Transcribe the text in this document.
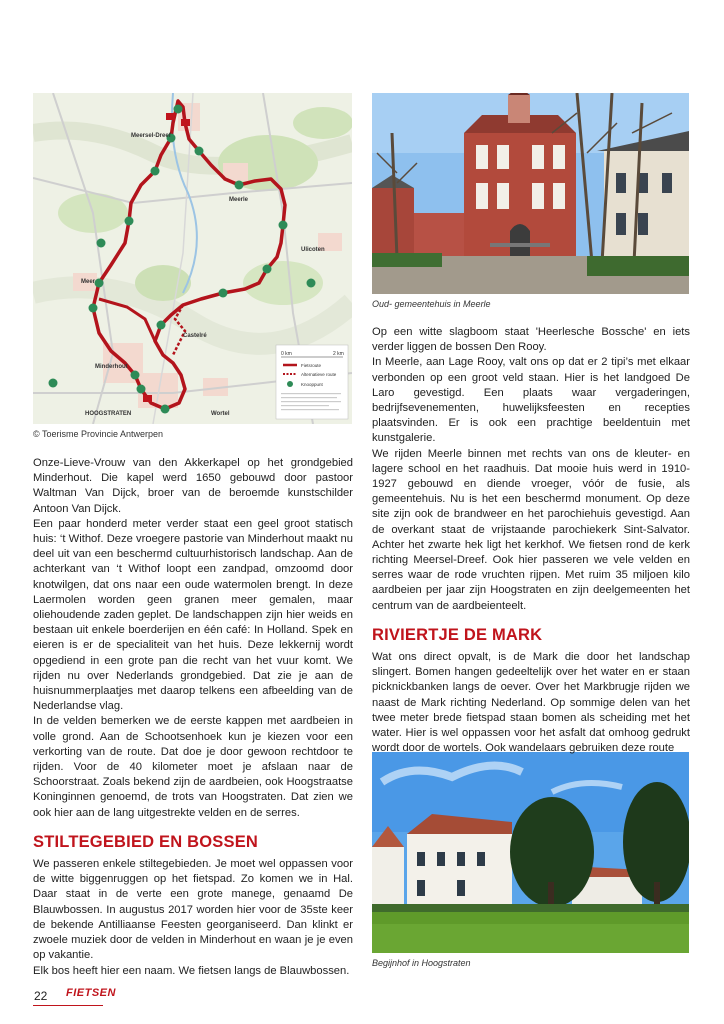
Meersel-Dreef
Meerle
Ulicoten
Meer
Minderhout
HOOGSTRATEN	Wortel
Castelré
0 km	2 km
Fietsroute
Alternatieve route
Knooppunt
© Toerisme Provincie Antwerpen
Oud- gemeentehuis in Meerle
Begijnhof in Hoogstraten

Onze-Lieve-Vrouw van den Akkerkapel op het grondgebied Minderhout. Die kapel werd 1650 gebouwd door pastoor Waltman Van Dijck, broer van de beroemde kunstschilder Antoon Van Dijck.

Een paar honderd meter verder staat een geel groot statisch huis: ‘t Withof. Deze vroegere pastorie van Minderhout maakt nu deel uit van een beschermd cultuurhistorisch landschap. Aan de achterkant van ‘t Withof loopt een zandpad, omzoomd door knotwilgen, dat ons naar een oude watermolen brengt. In deze Laermolen worden geen granen meer gemalen, maar oliehoudende zaden geplet. De landschappen zijn hier weids en bestaan uit enkele boerderijen en één café: In Holland. Spek en eieren is er de specialiteit van het huis. Deze lekkernij wordt opgediend in een grote pan die recht van het vuur komt. We rijden nu over Nederlands grondgebied. Dat zie je aan de huisnummerplaatjes met daarop telkens een afbeelding van de Nederlandse vlag.

In de velden bemerken we de eerste kappen met aardbeien in volle grond. Aan de Schootsenhoek kun je kiezen voor een verkorting van de route. Dat doe je door gewoon rechtdoor te rijden. Voor de 40 kilometer moet je afslaan naar de Schoorstraat. Zoals bekend zijn de aardbeien, ook Hoogstraatse Koninginnen genoemd, de trots van Hoogstraten. Dat zien we ook hier aan de lang uitgestrekte velden en de serres.

STILTEGEBIED EN BOSSEN

We passeren enkele stiltegebieden. Je moet wel oppassen voor de witte biggenruggen op het fietspad. Zo komen we in Hal. Daar staat in de verte een grote manege, genaamd De Blauwbossen. In augustus 2017 worden hier voor de 35ste keer de bekende Antilliaanse Feesten georganiseerd. Dan klinkt er zwoele muziek door de velden in Minderhout en waan je je even op vakantie.

Elk bos heeft hier een naam. We fietsen langs de Blauwbossen.

Op een witte slagboom staat 'Heerlesche Bossche' en iets verder liggen de bossen Den Rooy.

In Meerle, aan Lage Rooy, valt ons op dat er 2 tipi’s met elkaar verbonden op een groot veld staan. Hier is het landgoed De Laro gevestigd. Een plaats waar vergaderingen, bedrijfsevenementen, huwelijksfeesten en recepties plaatsvinden. Er is ook een prachtige beeldentuin met kunstgalerie.

We rijden Meerle binnen met rechts van ons de kleuter- en lagere school en het raadhuis. Dat mooie huis werd in 1910-1927 gebouwd en diende vroeger, vóór de fusie, als gemeentehuis. Nu is het een beschermd monument. Op deze site zijn ook de brandweer en het parochiehuis gevestigd. Aan de overkant staat de vrijstaande parochiekerk Sint-Salvator. Achter het zwarte hek ligt het kerkhof. We fietsen rond de kerk richting Meersel-Dreef. Ook hier passeren we vele velden en serres waar de rode vruchten rijpen. Met ruim 35 miljoen kilo aardbeien per jaar zijn Hoogstraten en zijn deelgemeenten het centrum van de aardbeienteelt.

RIVIERTJE DE MARK

Wat ons direct opvalt, is de Mark die door het landschap slingert. Bomen hangen gedeeltelijk over het water en er staan picknickbanken langs de oever. Over het Markbrugje rijden we naast de Mark richting Nederland. Op sommige delen van het twee meter brede fietspad staan bomen als scheiding met het water. Hier is wel oppassen voor het asfalt dat omhoog gedrukt wordt door de wortels. Ook wandelaars gebruiken deze route

22 FIETSEN
